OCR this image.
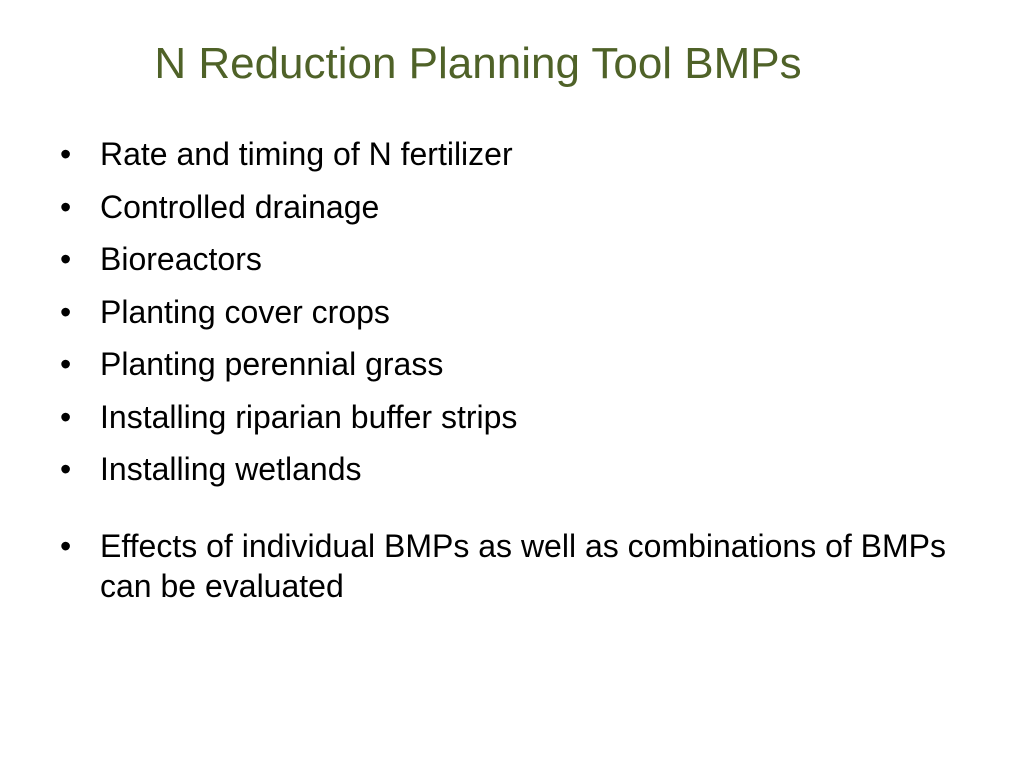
N Reduction Planning Tool BMPs
• Rate and timing of N fertilizer
• Controlled drainage
• Bioreactors
• Planting cover crops
• Planting perennial grass
• Installing riparian buffer strips
• Installing wetlands
• Effects of individual BMPs as well as combinations of BMPs can be evaluated
